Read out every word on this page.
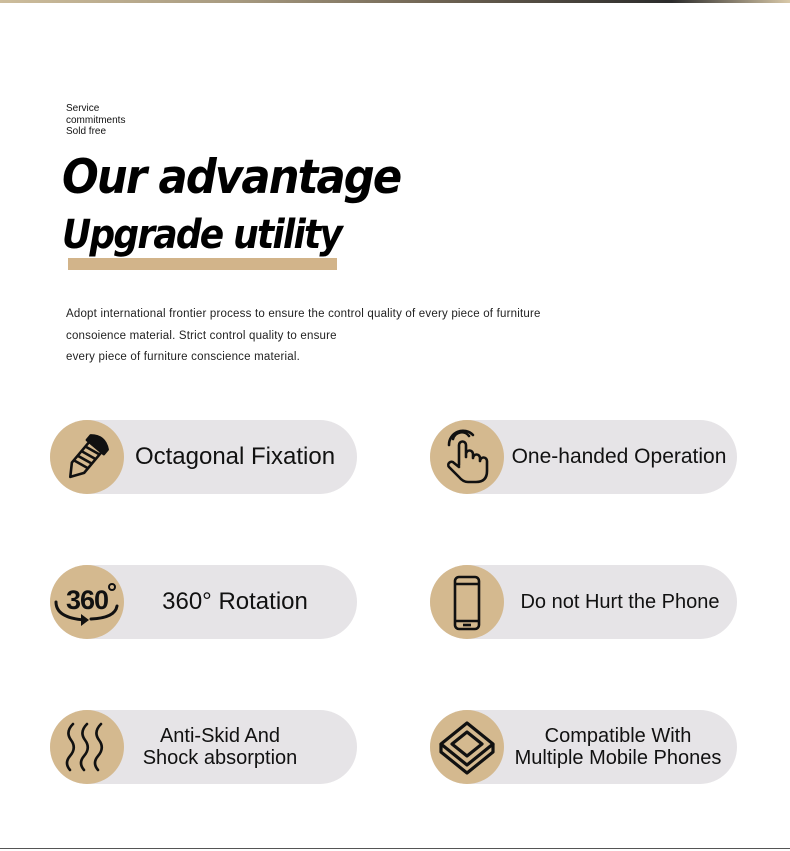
Service
commitments
Sold free
Our advantage
Upgrade utility
Adopt international frontier process to ensure the control quality of every piece of furniture
consoience material. Strict control quality to ensure
every piece of furniture conscience material.
Octagonal Fixation	One-handed Operation
360 360° Rotation	Do not Hurt the Phone
Anti-Skid And
Shock absorption
Compatible With
Multiple Mobile Phones
